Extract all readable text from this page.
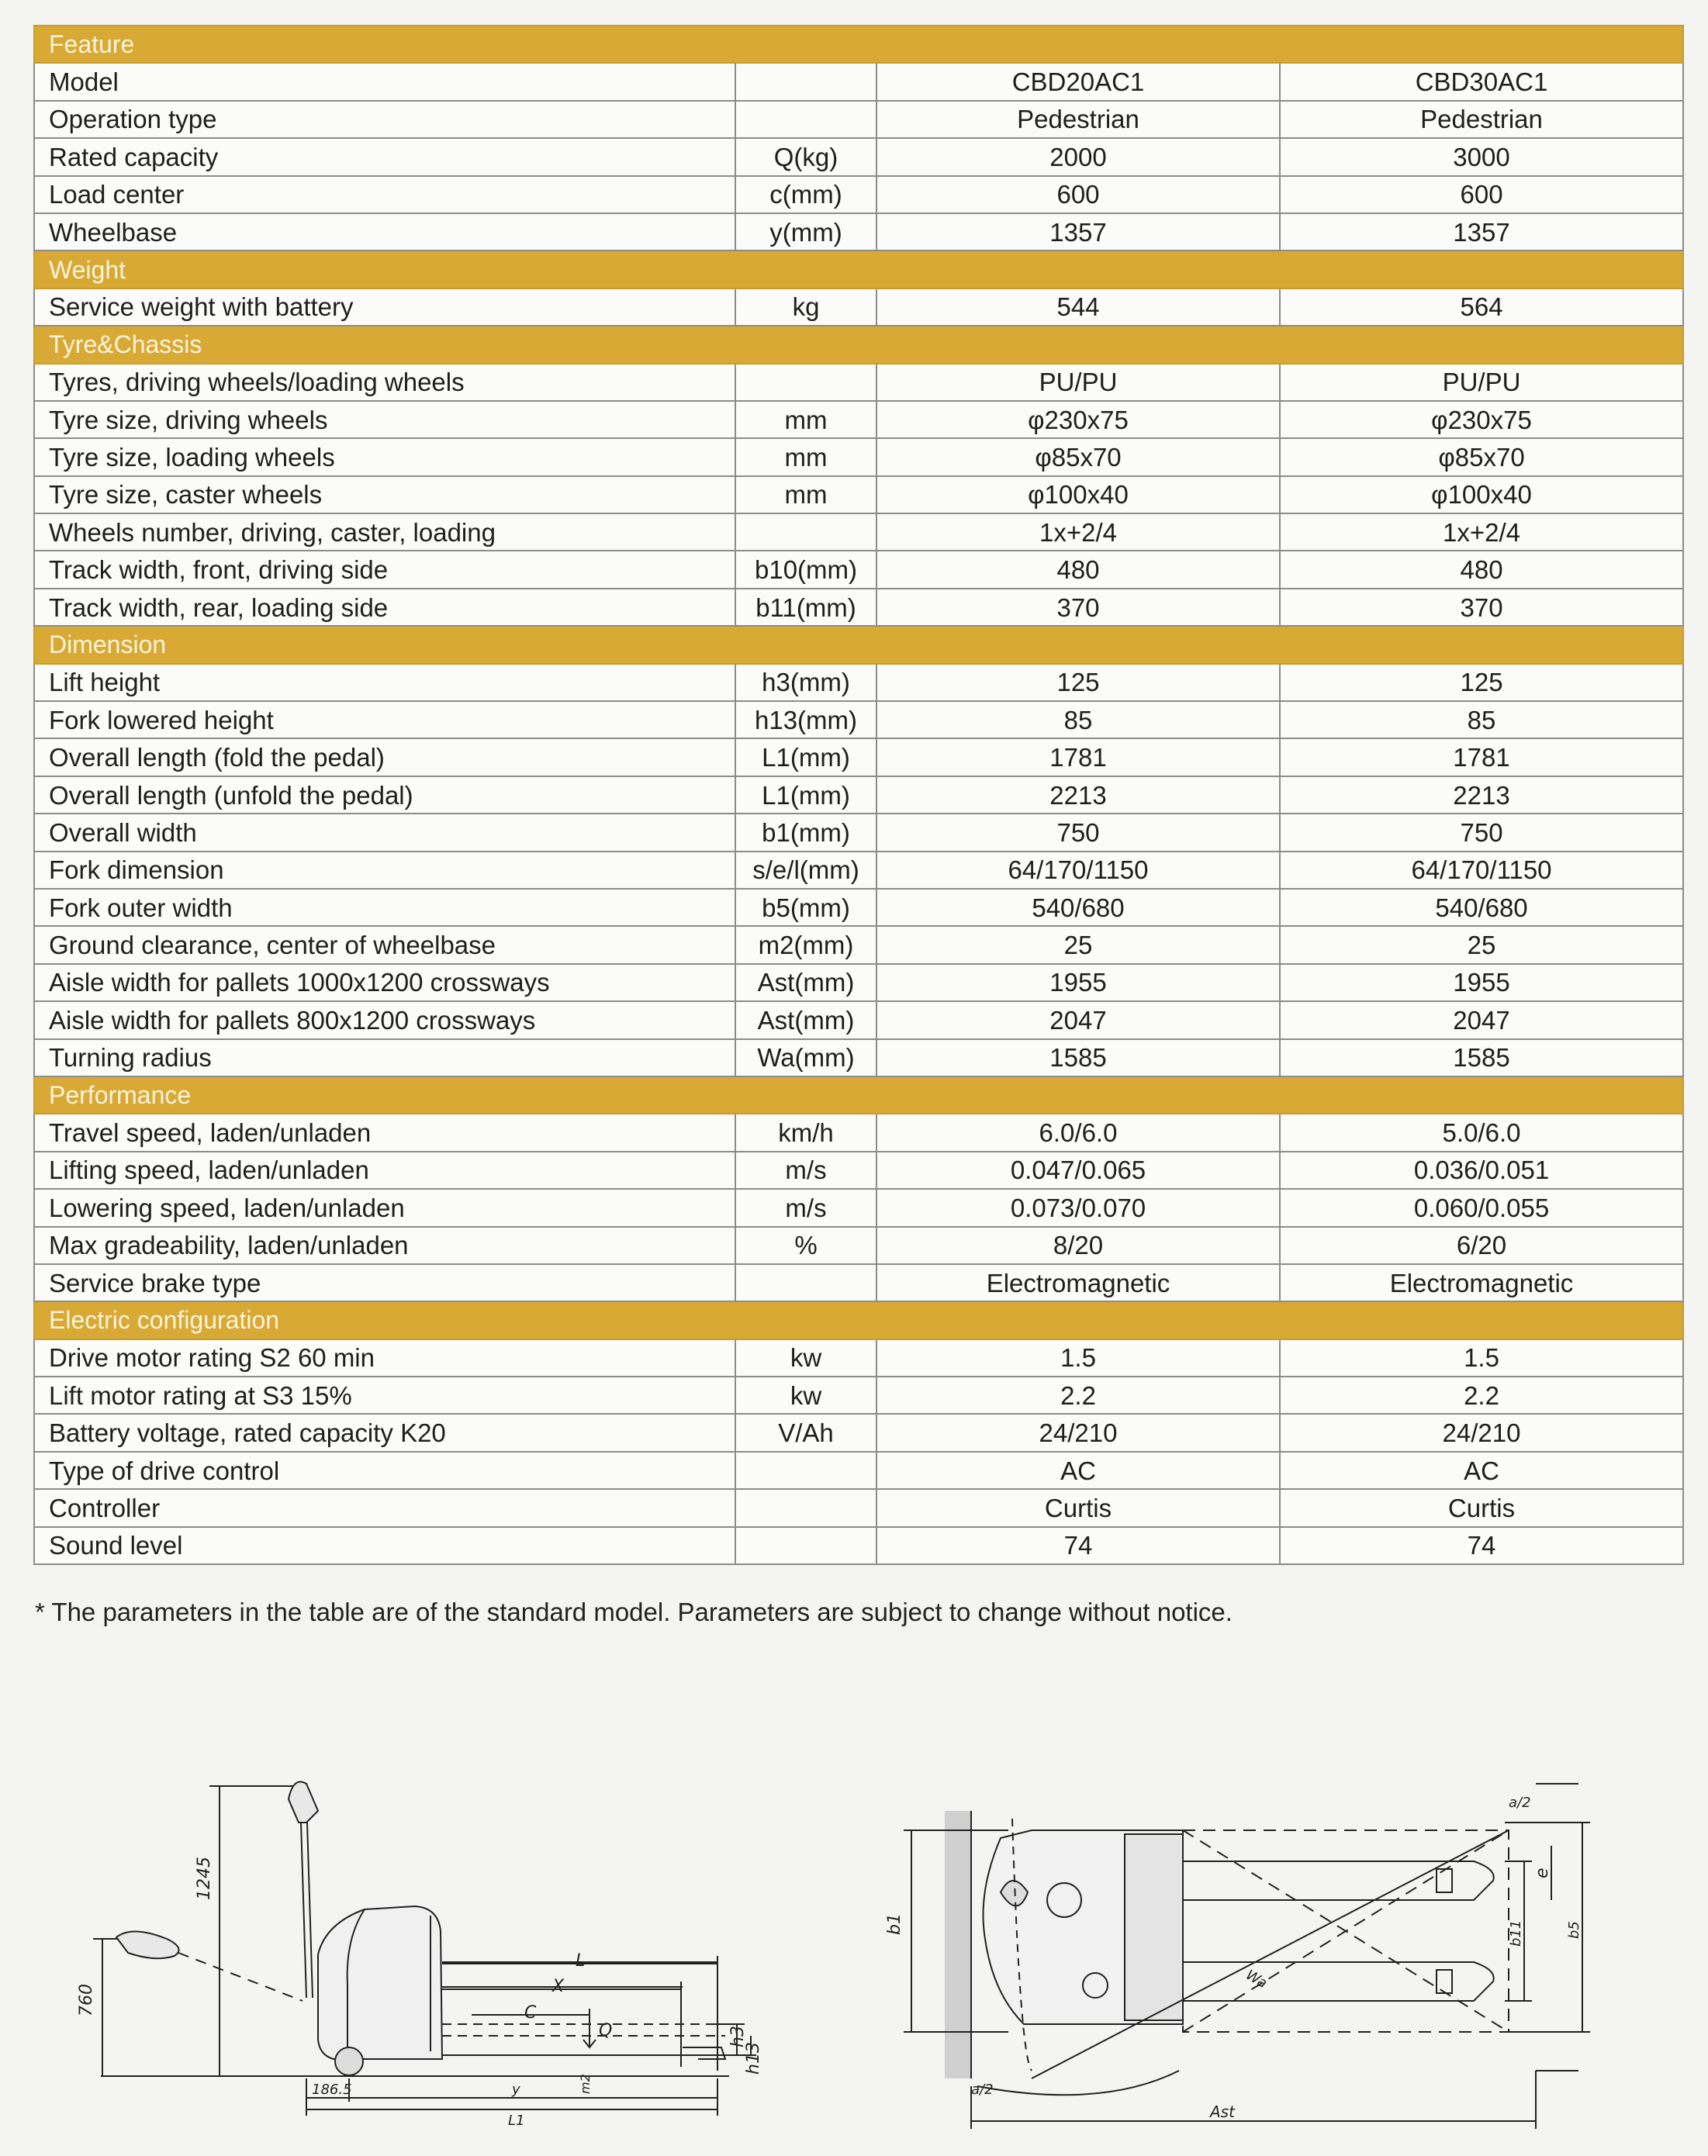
Feature			
Model		CBD20AC1	CBD30AC1
Operation type		Pedestrian	Pedestrian
Rated capacity	Q(kg)	2000	3000
Load center	c(mm)	600	600
Wheelbase	y(mm)	1357	1357
Weight			
Service weight with battery	kg	544	564
Tyre&Chassis			
Tyres, driving wheels/loading wheels		PU/PU	PU/PU
Tyre size, driving wheels	mm	φ230x75	φ230x75
Tyre size, loading wheels	mm	φ85x70	φ85x70
Tyre size, caster wheels	mm	φ100x40	φ100x40
Wheels number, driving, caster, loading		1x+2/4	1x+2/4
Track width, front, driving side	b10(mm)	480	480
Track width, rear, loading side	b11(mm)	370	370
Dimension			
Lift height	h3(mm)	125	125
Fork lowered height	h13(mm)	85	85
Overall length (fold the pedal)	L1(mm)	1781	1781
Overall length (unfold the pedal)	L1(mm)	2213	2213
Overall width	b1(mm)	750	750
Fork dimension	s/e/l(mm)	64/170/1150	64/170/1150
Fork outer width	b5(mm)	540/680	540/680
Ground clearance, center of wheelbase	m2(mm)	25	25
Aisle width for pallets 1000x1200 crossways	Ast(mm)	1955	1955
Aisle width for pallets 800x1200 crossways	Ast(mm)	2047	2047
Turning radius	Wa(mm)	1585	1585
Performance			
Travel speed, laden/unladen	km/h	6.0/6.0	5.0/6.0
Lifting speed, laden/unladen	m/s	0.047/0.065	0.036/0.051
Lowering speed, laden/unladen	m/s	0.073/0.070	0.060/0.055
Max gradeability, laden/unladen	%	8/20	6/20
Service brake type		Electromagnetic	Electromagnetic
Electric configuration			
Drive motor rating S2 60 min	kw	1.5	1.5
Lift motor rating at S3 15%	kw	2.2	2.2
Battery voltage, rated capacity K20	V/Ah	24/210	24/210
Type of drive control		AC	AC
Controller		Curtis	Curtis
Sound level		74	74
* The parameters in the table are of the standard model. Parameters are subject to change without notice.
L
X
C
Q
1245
760
h3
h13
186.5	y	m2
L1
b1	b11	b5
e
a/2
a/2
Wa
Ast
